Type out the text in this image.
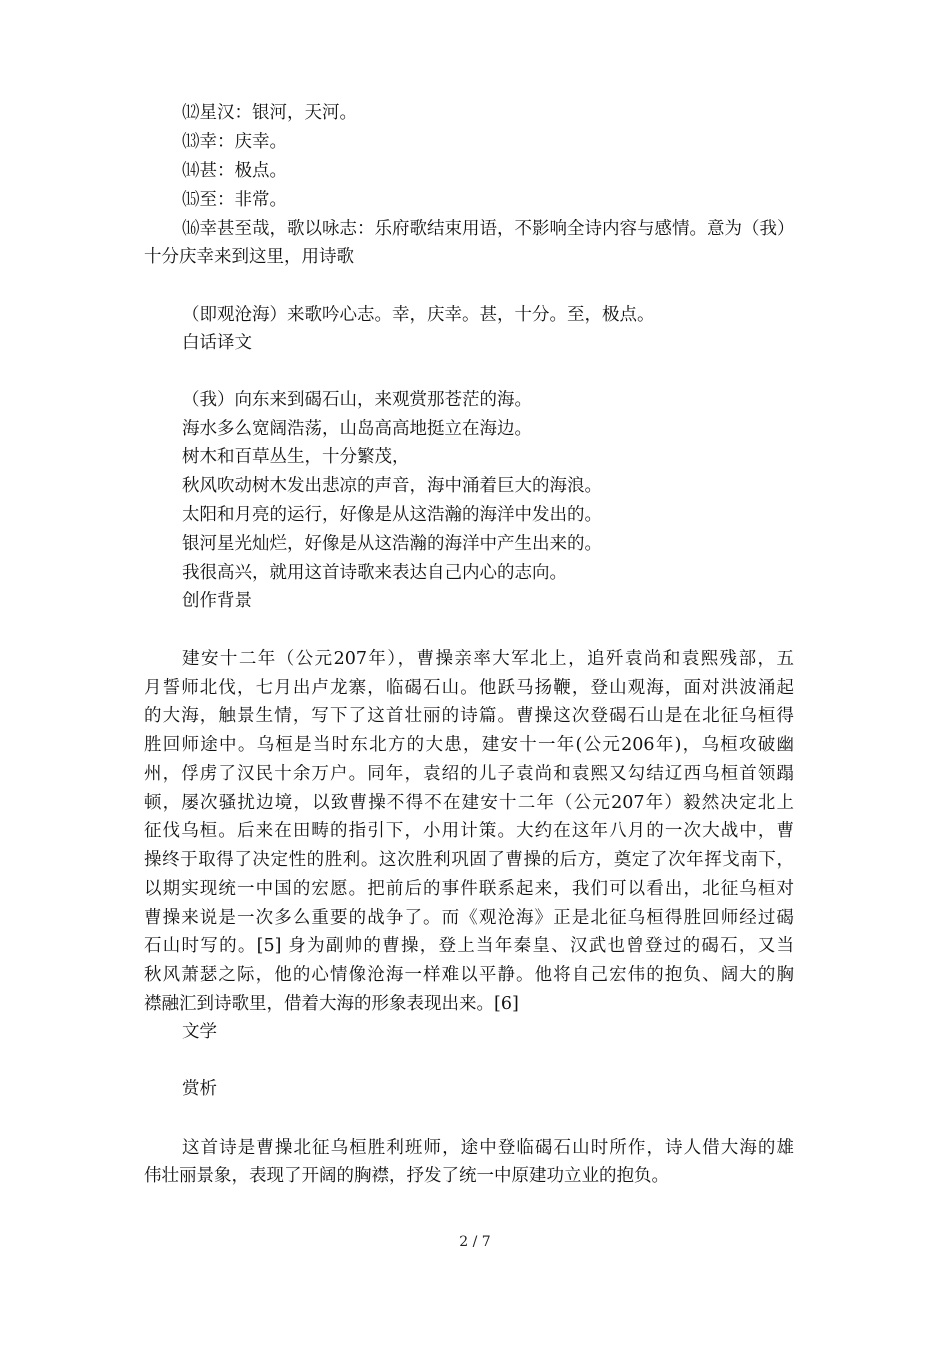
⑿星汉：银河，天河。
⒀幸：庆幸。
⒁甚：极点。
⒂至：非常。
⒃幸甚至哉，歌以咏志：乐府歌结束用语，不影响全诗内容与感情。意为（我）
十分庆幸来到这里，用诗歌
（即观沧海）来歌吟心志。幸，庆幸。甚，十分。至，极点。
白话译文
（我）向东来到碣石山，来观赏那苍茫的海。
海水多么宽阔浩荡，山岛高高地挺立在海边。
树木和百草丛生，十分繁茂，
秋风吹动树木发出悲凉的声音，海中涌着巨大的海浪。
太阳和月亮的运行，好像是从这浩瀚的海洋中发出的。
银河星光灿烂，好像是从这浩瀚的海洋中产生出来的。
我很高兴，就用这首诗歌来表达自己内心的志向。
创作背景
建安十二年（公元207年），曹操亲率大军北上，追歼袁尚和袁熙残部，五
月誓师北伐，七月出卢龙寨，临碣石山。他跃马扬鞭，登山观海，面对洪波涌起
的大海，触景生情，写下了这首壮丽的诗篇。曹操这次登碣石山是在北征乌桓得
胜回师途中。乌桓是当时东北方的大患，建安十一年(公元206年)，乌桓攻破幽
州，俘虏了汉民十余万户。同年，袁绍的儿子袁尚和袁熙又勾结辽西乌桓首领蹋
顿，屡次骚扰边境，以致曹操不得不在建安十二年（公元207年）毅然决定北上
征伐乌桓。后来在田畴的指引下，小用计策。大约在这年八月的一次大战中，曹
操终于取得了决定性的胜利。这次胜利巩固了曹操的后方，奠定了次年挥戈南下，
以期实现统一中国的宏愿。把前后的事件联系起来，我们可以看出，北征乌桓对
曹操来说是一次多么重要的战争了。而《观沧海》正是北征乌桓得胜回师经过碣
石山时写的。[5] 身为副帅的曹操，登上当年秦皇、汉武也曾登过的碣石，又当
秋风萧瑟之际，他的心情像沧海一样难以平静。他将自己宏伟的抱负、阔大的胸
襟融汇到诗歌里，借着大海的形象表现出来。[6]
文学
赏析
这首诗是曹操北征乌桓胜利班师，途中登临碣石山时所作，诗人借大海的雄
伟壮丽景象，表现了开阔的胸襟，抒发了统一中原建功立业的抱负。
2 / 7
